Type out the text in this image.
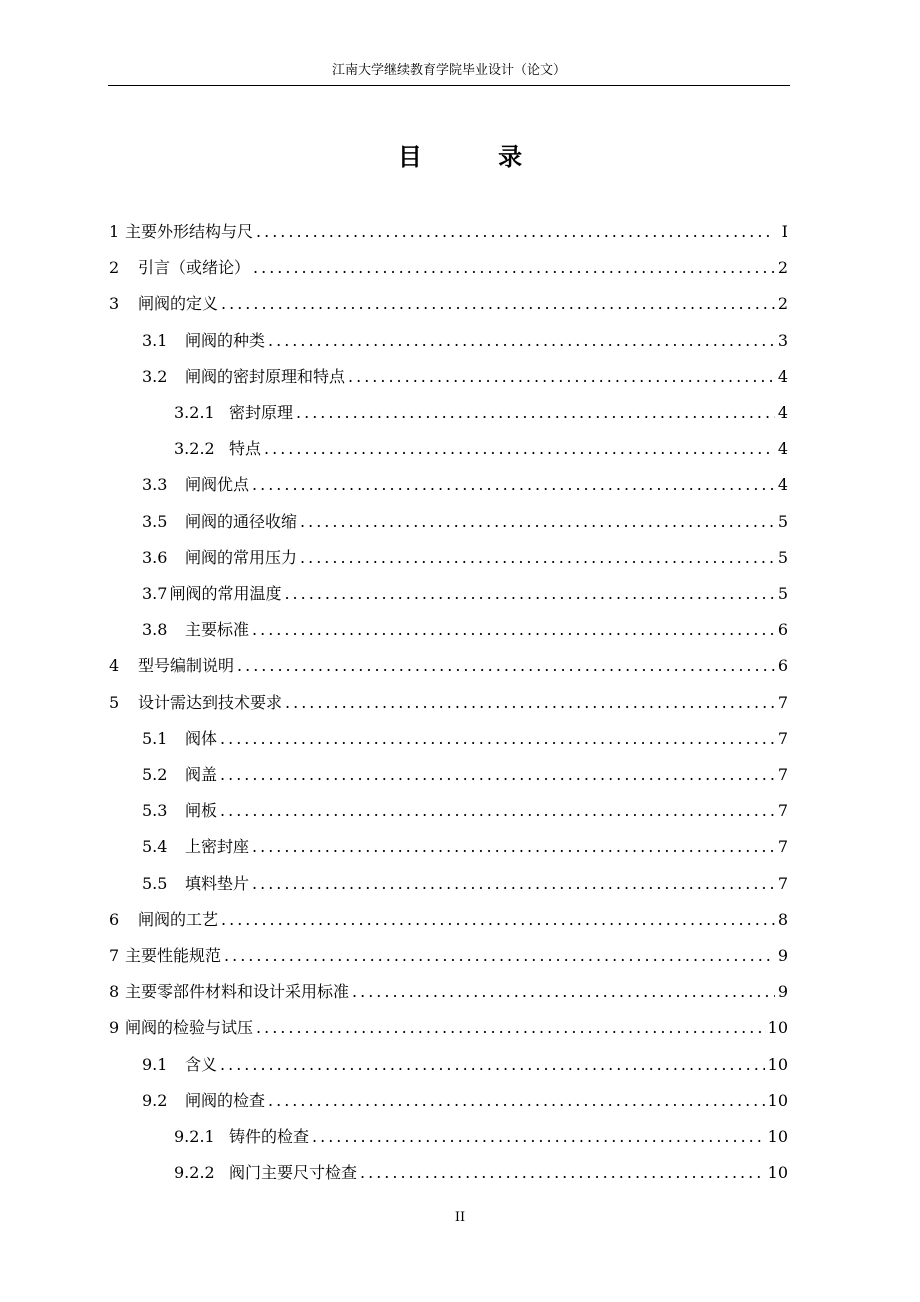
江南大学继续教育学院毕业设计（论文）
目 录
1 主要外形结构与尺 .....	I
2	引言（或绪论） .....	2
3	闸阀的定义 .....	2
3.1	闸阀的种类 .....	3
3.2	闸阀的密封原理和特点 .....	4
3.2.1 密封原理 .....	4
3.2.2 特点 .....	4
3.3	闸阀优点 .....	4
3.5	闸阀的通径收缩 .....	5
3.6	闸阀的常用压力 .....	5
3.7 闸阀的常用温度 .....	5
3.8	主要标准 .....	6
4	型号编制说明 .....	6
5	设计需达到技术要求 .....	7
5.1	阀体 .....	7
5.2	阀盖 .....	7
5.3	闸板 .....	7
5.4	上密封座 .....	7
5.5	填料垫片 .....	7
6	闸阀的工艺 .....	8
7 主要性能规范 .....	9
8 主要零部件材料和设计采用标准 .....	9
9 闸阀的检验与试压 .....	10
9.1	含义 .....	10
9.2	闸阀的检查 .....	10
9.2.1 铸件的检查 .....	10
9.2.2 阀门主要尺寸检查 .....	10
II
